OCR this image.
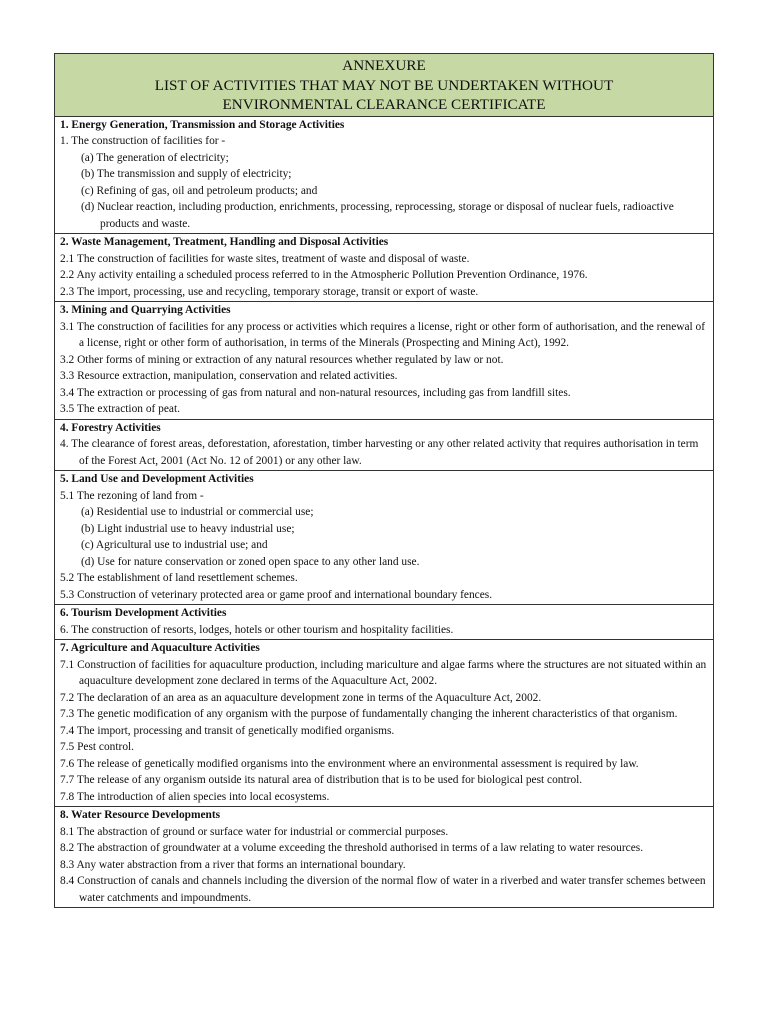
ANNEXURE
LIST OF ACTIVITIES THAT MAY NOT BE UNDERTAKEN WITHOUT
ENVIRONMENTAL CLEARANCE CERTIFICATE

1. Energy Generation, Transmission and Storage Activities
1. The construction of facilities for -
(a) The generation of electricity;
(b) The transmission and supply of electricity;
(c) Refining of gas, oil and petroleum products; and
(d) Nuclear reaction, including production, enrichments, processing, reprocessing, storage or disposal of nuclear fuels, radioactive products and waste.

2. Waste Management, Treatment, Handling and Disposal Activities
2.1 The construction of facilities for waste sites, treatment of waste and disposal of waste.
2.2 Any activity entailing a scheduled process referred to in the Atmospheric Pollution Prevention Ordinance, 1976.
2.3 The import, processing, use and recycling, temporary storage, transit or export of waste.

3. Mining and Quarrying Activities
3.1 The construction of facilities for any process or activities which requires a license, right or other form of authorisation, and the renewal of a license, right or other form of authorisation, in terms of the Minerals (Prospecting and Mining Act), 1992.
3.2 Other forms of mining or extraction of any natural resources whether regulated by law or not.
3.3 Resource extraction, manipulation, conservation and related activities.
3.4 The extraction or processing of gas from natural and non-natural resources, including gas from landfill sites.
3.5 The extraction of peat.

4. Forestry Activities
4. The clearance of forest areas, deforestation, aforestation, timber harvesting or any other related activity that requires authorisation in term of the Forest Act, 2001 (Act No. 12 of 2001) or any other law.

5. Land Use and Development Activities
5.1 The rezoning of land from -
(a) Residential use to industrial or commercial use;
(b) Light industrial use to heavy industrial use;
(c) Agricultural use to industrial use; and
(d) Use for nature conservation or zoned open space to any other land use.
5.2 The establishment of land resettlement schemes.
5.3 Construction of veterinary protected area or game proof and international boundary fences.

6. Tourism Development Activities
6. The construction of resorts, lodges, hotels or other tourism and hospitality facilities.

7. Agriculture and Aquaculture Activities
7.1 Construction of facilities for aquaculture production, including mariculture and algae farms where the structures are not situated within an aquaculture development zone declared in terms of the Aquaculture Act, 2002.
7.2 The declaration of an area as an aquaculture development zone in terms of the Aquaculture Act, 2002.
7.3 The genetic modification of any organism with the purpose of fundamentally changing the inherent characteristics of that organism.
7.4 The import, processing and transit of genetically modified organisms.
7.5 Pest control.
7.6 The release of genetically modified organisms into the environment where an environmental assessment is required by law.
7.7 The release of any organism outside its natural area of distribution that is to be used for biological pest control.
7.8 The introduction of alien species into local ecosystems.

8. Water Resource Developments
8.1 The abstraction of ground or surface water for industrial or commercial purposes.
8.2 The abstraction of groundwater at a volume exceeding the threshold authorised in terms of a law relating to water resources.
8.3 Any water abstraction from a river that forms an international boundary.
8.4 Construction of canals and channels including the diversion of the normal flow of water in a riverbed and water transfer schemes between water catchments and impoundments.
